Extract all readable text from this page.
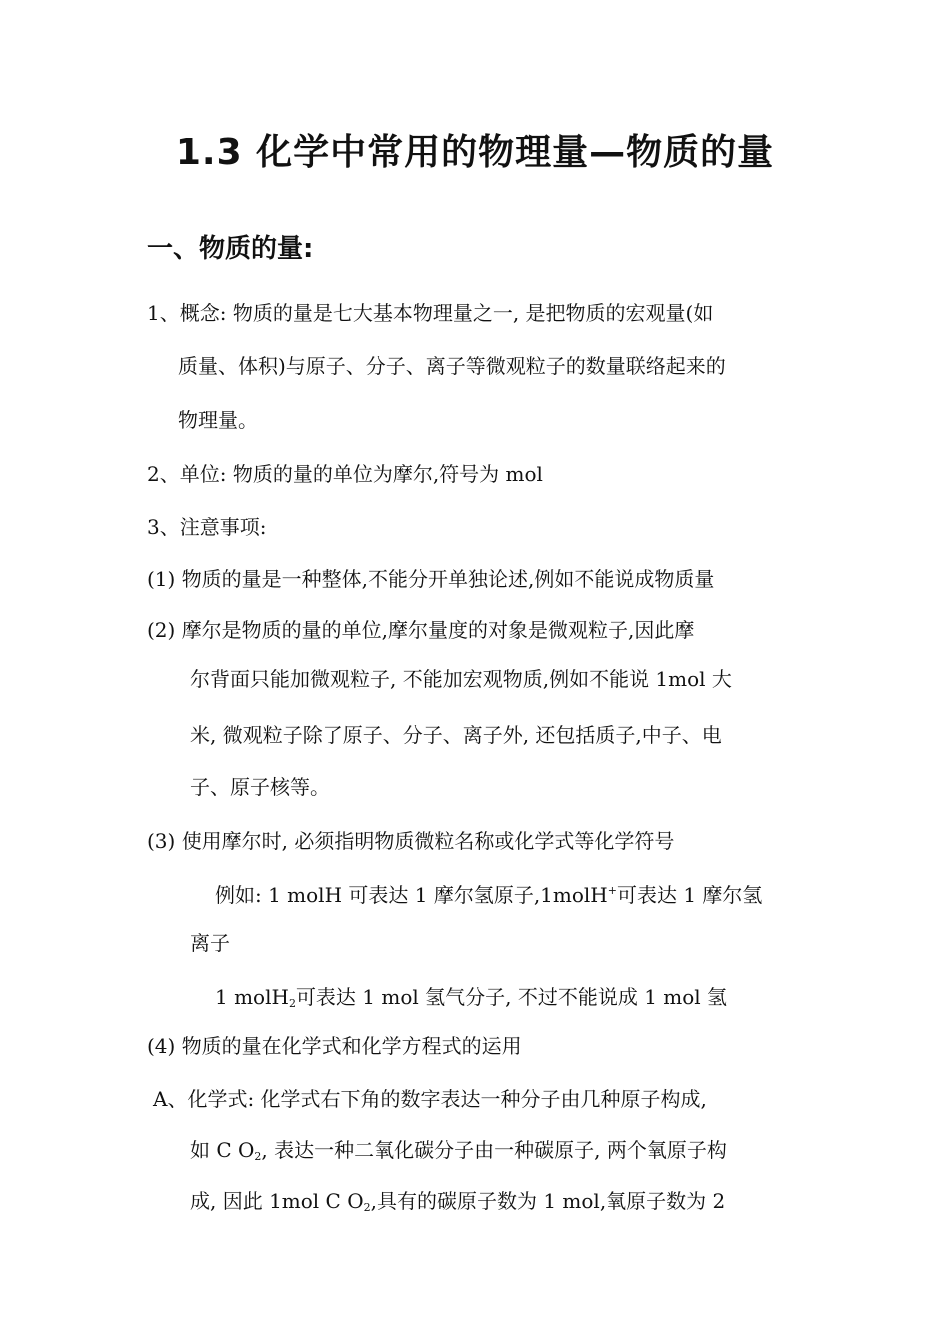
1.3 化学中常用的物理量—物质的量
一、物质的量:
1、概念: 物质的量是七大基本物理量之一, 是把物质的宏观量(如
质量、体积)与原子、分子、离子等微观粒子的数量联络起来的
物理量。
2、单位: 物质的量的单位为摩尔,符号为 mol
3、注意事项:
(1) 物质的量是一种整体,不能分开单独论述,例如不能说成物质量
(2) 摩尔是物质的量的单位,摩尔量度的对象是微观粒子,因此摩
尔背面只能加微观粒子, 不能加宏观物质,例如不能说 1mol 大
米, 微观粒子除了原子、分子、离子外, 还包括质子,中子、电
子、原子核等。
(3) 使用摩尔时, 必须指明物质微粒名称或化学式等化学符号
例如: 1 molH 可表达 1 摩尔氢原子,1molH+可表达 1 摩尔氢
离子
1 molH$_2$可表达 1 mol 氢气分子, 不过不能说成 1 mol 氢
(4) 物质的量在化学式和化学方程式的运用
A、化学式: 化学式右下角的数字表达一种分子由几种原子构成,
如 C $O_2$, 表达一种二氧化碳分子由一种碳原子, 两个氧原子构
成, 因此 1mol C $O_2$,具有的碳原子数为 1 mol,氧原子数为 2
